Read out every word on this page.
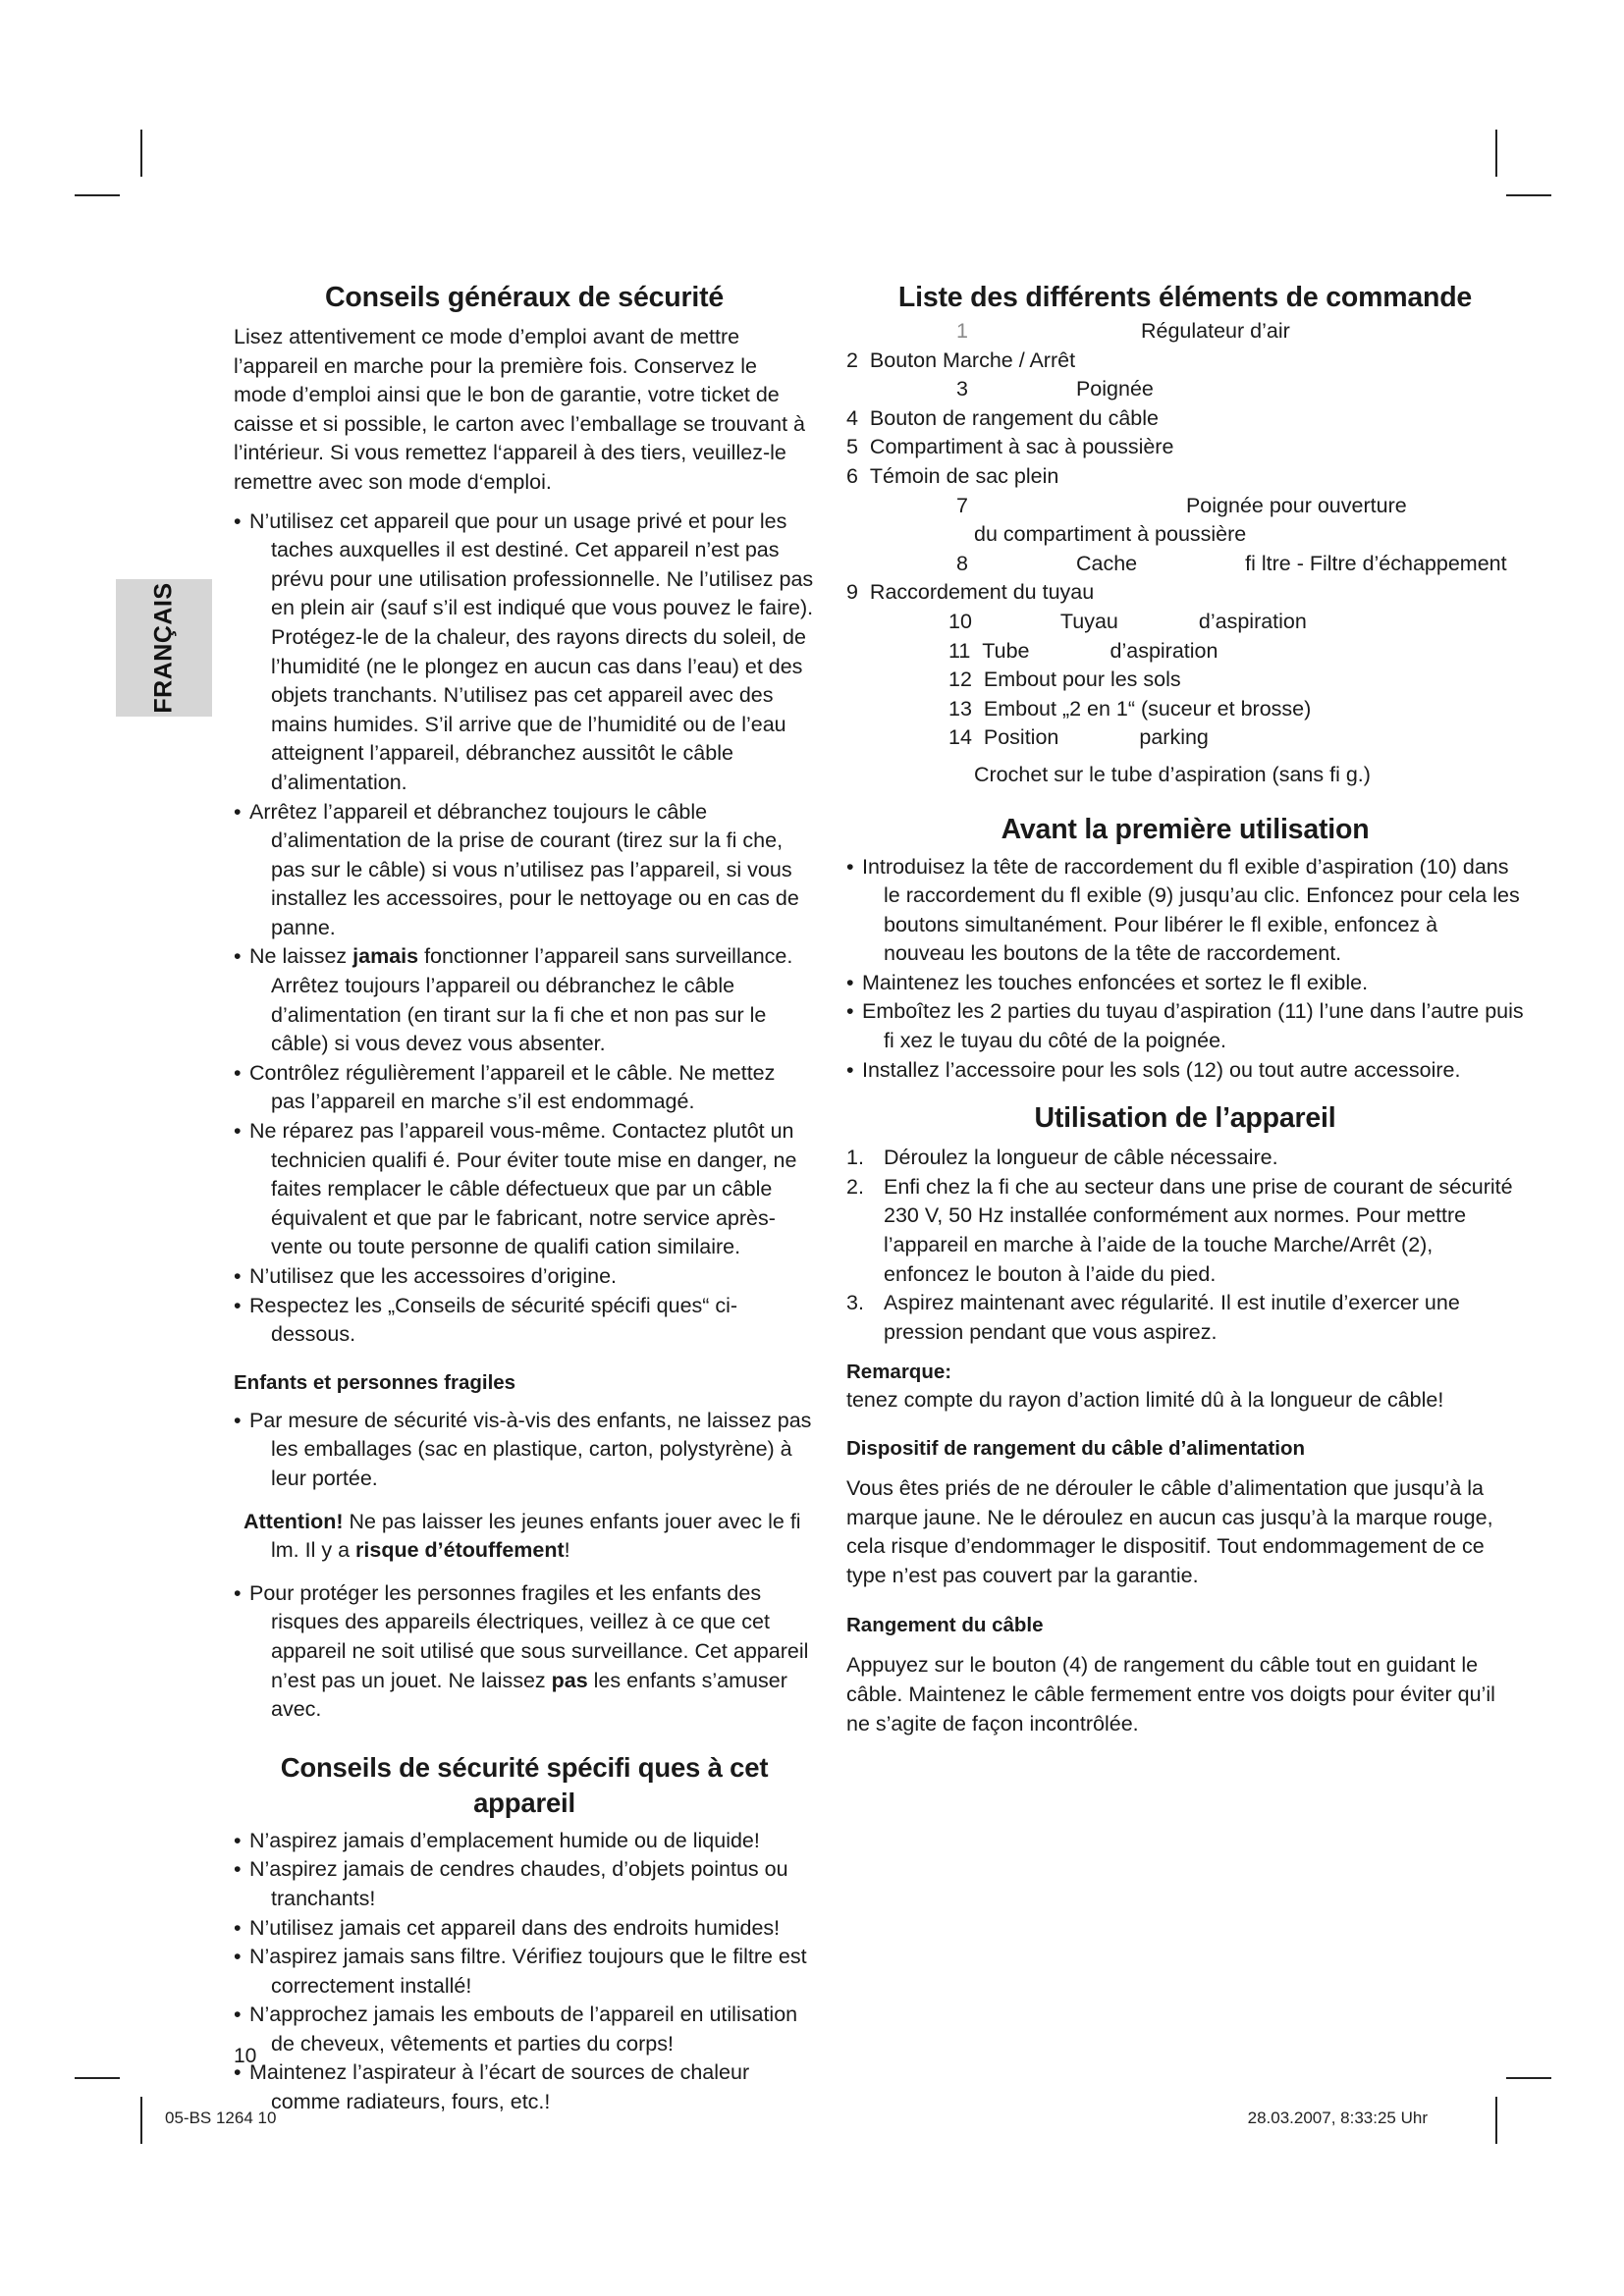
FRANÇAIS
Conseils généraux de sécurité

Lisez attentivement ce mode d’emploi avant de mettre l’appareil en marche pour la première fois. Conservez le mode d’emploi ainsi que le bon de garantie, votre ticket de caisse et si possible, le carton avec l’emballage se trouvant à l’intérieur. Si vous remettez l‘appareil à des tiers, veuillez-le remettre avec son mode d‘emploi.

• N’utilisez cet appareil que pour un usage privé et pour les taches auxquelles il est destiné. Cet appareil n’est pas prévu pour une utilisation professionnelle. Ne l’utilisez pas en plein air (sauf s’il est indiqué que vous pouvez le faire). Protégez-le de la chaleur, des rayons directs du soleil, de l’humidité (ne le plongez en aucun cas dans l’eau) et des objets tranchants. N’utilisez pas cet appareil avec des mains humides. S’il arrive que de l’humidité ou de l’eau atteignent l’appareil, débranchez aussitôt le câble d’alimentation.
• Arrêtez l’appareil et débranchez toujours le câble d’alimentation de la prise de courant (tirez sur la fi che, pas sur le câble) si vous n’utilisez pas l’appareil, si vous installez les accessoires, pour le nettoyage ou en cas de panne.
• Ne laissez jamais fonctionner l’appareil sans surveillance. Arrêtez toujours l’appareil ou débranchez le câble d’alimentation (en tirant sur la fi che et non pas sur le câble) si vous devez vous absenter.
• Contrôlez régulièrement l’appareil et le câble. Ne mettez pas l’appareil en marche s’il est endommagé.
• Ne réparez pas l’appareil vous-même. Contactez plutôt un technicien qualifi é. Pour éviter toute mise en danger, ne faites remplacer le câble défectueux que par un câble équivalent et que par le fabricant, notre service après-vente ou toute personne de qualifi cation similaire.
• N’utilisez que les accessoires d’origine.
• Respectez les „Conseils de sécurité spécifi ques“ ci-dessous.
Enfants et personnes fragiles
• Par mesure de sécurité vis-à-vis des enfants, ne laissez pas les emballages (sac en plastique, carton, polystyrène) à leur portée.

Attention! Ne pas laisser les jeunes enfants jouer avec le fi lm. Il y a risque d’étouffement!

• Pour protéger les personnes fragiles et les enfants des risques des appareils électriques, veillez à ce que cet appareil ne soit utilisé que sous surveillance. Cet appareil n’est pas un jouet. Ne laissez pas les enfants s’amuser avec.
Conseils de sécurité spécifi ques à cet appareil
• N’aspirez jamais d’emplacement humide ou de liquide!
• N’aspirez jamais de cendres chaudes, d’objets pointus ou tranchants!
• N’utilisez jamais cet appareil dans des endroits humides!
• N’aspirez jamais sans filtre. Vérifiez toujours que le filtre est correctement installé!
• N’approchez jamais les embouts de l’appareil en utilisation de cheveux, vêtements et parties du corps!
• Maintenez l’aspirateur à l’écart de sources de chaleur comme radiateurs, fours, etc.!
Liste des différents éléments de commande
1	Régulateur d’air
2 Bouton Marche / Arrêt
3	Poignée
4 Bouton de rangement du câble
5 Compartiment à sac à poussière
6 Témoin de sac plein
7	Poignée pour ouverture
du compartiment à poussière
8	Cache	fi ltre - Filtre d’échappement
9 Raccordement du tuyau
10	Tuyau	d’aspiration
11 Tube	d’aspiration
12 Embout pour les sols
13 Embout „2 en 1“ (suceur et brosse)
14 Position	parking

Crochet sur le tube d’aspiration (sans fi g.)

Avant la première utilisation
• Introduisez la tête de raccordement du fl exible d’aspiration (10) dans le raccordement du fl exible (9) jusqu’au clic. Enfoncez pour cela les boutons simultanément. Pour libérer le fl exible, enfoncez à nouveau les boutons de la tête de raccordement.
• Maintenez les touches enfoncées et sortez le fl exible.
• Emboîtez les 2 parties du tuyau d’aspiration (11) l’une dans l’autre puis fi xez le tuyau du côté de la poignée.
• Installez l’accessoire pour les sols (12) ou tout autre accessoire.
Utilisation de l’appareil
1. Déroulez la longueur de câble nécessaire.
2. Enfi chez la fi che au secteur dans une prise de courant de sécurité 230 V, 50 Hz installée conformément aux normes. Pour mettre l’appareil en marche à l’aide de la touche Marche/Arrêt (2), enfoncez le bouton à l’aide du pied.
3. Aspirez maintenant avec régularité. Il est inutile d’exercer une pression pendant que vous aspirez.
Remarque:

tenez compte du rayon d’action limité dû à la longueur de câble!

Dispositif de rangement du câble d’alimentation

Vous êtes priés de ne dérouler le câble d’alimentation que jusqu’à la marque jaune. Ne le déroulez en aucun cas jusqu’à la marque rouge, cela risque d’endommager le dispositif. Tout endommagement de ce type n’est pas couvert par la garantie.

Rangement du câble

Appuyez sur le bouton (4) de rangement du câble tout en guidant le câble. Maintenez le câble fermement entre vos doigts pour éviter qu’il ne s’agite de façon incontrôlée.

10
05-BS 1264 10	28.03.2007, 8:33:25 Uhr
